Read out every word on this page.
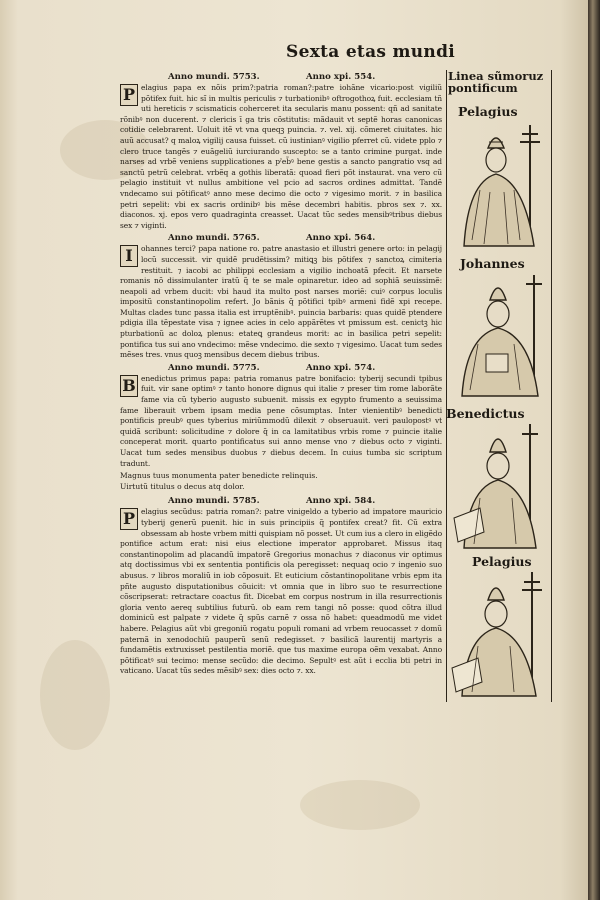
Sexta etas mundi
Anno mundi. 5753.	Anno xpi. 554.

P elagius papa ex nõis prim?:patria roman?:patre iohãne vicario:post vigiliũ põtifex fuit. hic sĩ in multis periculis ⁊ turbationibꝰ oftrogothoꝝ fuit. ecclesiam tñ uti hereticis ⁊ scismaticis coherceret ita secularis manu possent: qñ ad sanitate rõnibꝰ non ducerent. ⁊ clericis ī ga tris cõstitutis: mãdauit vt septẽ horas canonicas cotidie celebrarent. Uoluit itẽ vt vna queqꝫ puincia. ⁊. vel. xij. cõmeret ciuitates. hic auũ accusat? q maloꝝ vigilij causa fuisset. cũ iustinianꝰ vigilio pferret cũ. videte pplo ⁊ clero truce tangẽs ⁊ euãgeliũ iurciurando suscepto: se a tanto crimine purgat. inde narses ad vrbẽ veniens supplicationes a pˀeb̃ꝰ bene gestis a sancto pangratio vsq ad sanctũ petrũ celebrat. vrbẽq a gothis liberatã: quoad fieri põt instaurat. vna vero cũ pelagio instituit vt nullus ambitione vel pcio ad sacros ordines admittat. Tandẽ vndecamo sui põtificatꝰ anno mese decimo die octo ⁊ vigesimo morit. ⁊ in basilica petri sepelit: vbi ex sacris ordinibꝰ bis mẽse decembri habitis. pbros sex ⁊. xx. diaconos. xj. epos vero quadraginta creasset. Uacat tũc sedes mensibꝰtribus diebus sex ⁊ viginti.

Anno mundi. 5765.	Anno xpi. 564.

I	ohannes terci? papa natione ro. patre anastasio et illustri genere orto: in pelagij locũ successit. vir quidẽ prudẽtissim? mitiꝗꝫ bis põtifex ⁊ sanctoꝝ cimiteria restituit. ⁊ iacobi ac philippi ecclesiam a vigilio inchoatã pfecit. Et narsete romanis nõ dissimulanter iratũ q̃ te se male opinaretur. ideo ad sophiã seuissimẽ: neapoli ad vrbem ducit: vbi haud ita multo post narses moriẽ: cuiꝰ corpus loculis impositũ constantinopolim refert. Jo bãnis q̃ põtifici tpibꝰ armeni fidẽ xpi recepe. Multas clades tunc passa italia est irruptẽnibꝰ. puincia barbaris: quas quidẽ ptendere pdigia illa tẽpestate visa ⁊ ignee acies in celo appãrẽtes vt pmissum est. cenictꝫ hic pturbationũ ac doloꝝ plenus: etateꝗ grandeus morit: ac in basilica petri sepelit: pontifica tus sui ano vndecimo: mẽse vndecimo. die sexto ⁊ vigesimo. Uacat tum sedes mẽses tres. vnus quoꝫ mensibus decem diebus tribus.

Anno mundi. 5775.	Anno xpi. 574.

B enedictus primus papa: patria romanus patre bonifacio: tyberij secundi tpibus fuit. vir sane optimꝰ ⁊ tanto honore dignus qui italie ⁊ preser tim rome laborãte fame via cũ tyberio augusto subuenit. missis ex egypto frumento a seuissima fame liberauit vrbem ipsam media pene cõsumptas. Inter vienientibꝰ benedicti pontificis preubꝰ ques tyberius miriũmmodũ dilexit ⁊ obseruauit. veri paulopostꝰ vt quidã scribunt: solicitudine ⁊ dolore q̃ in ca lamitatibus vrbis rome ⁊ puincie italie conceperat morit. quarto pontificatus sui anno mense vno ⁊ diebus octo ⁊ viginti. Uacat tum sedes mensibus duobus ⁊ diebus decem. In cuius tumba sic scriptum tradunt.

Magnus tuus monumenta pater benedicte relinquis.
Uirtutũ titulus o decus atq dolor.
Anno mundi. 5785.	Anno xpi. 584.

P elagius secũdus: patria roman?: patre vinigeldo a tyberio ad impatore mauricio tyberij generũ puenit. hic in suis principiis q̃ pontifex creat? fit. Cũ extra obsessam ab hoste vrbem mitti quispiam nõ posset. Ut cum ius a clero in eligẽdo pontifice actum erat: nisi eius electione imperator approbaret. Missus itaq constantinopolim ad placandũ impatorẽ Gregorius monachus ⁊ diaconus vir optimus atq doctissimus vbi ex sententia pontificis ola peregisset: nequaq ocio ⁊ ingenio suo abusus. ⁊ libros moraliũ in iob cõposuit. Et euticium cõstantinopolitane vrbis epm ita pñte augusto disputationibus cõuicit: vt omnia que in libro suo te resurrectione cõscripserat: retractare coactus fit. Dicebat em corpus nostrum in illa resurrectionis gloria vento aereq subtilius futurũ. ob eam rem tangi nõ posse: quod cõtra illud dominicũ est palpate ⁊ videte q̃ spũs carnẽ ⁊ ossa nõ habet: queadmodũ me videt habere. Pelagius aũt vbi gregoniũ rogatu populi romani ad vrbem reuocasset ⁊ domũ paternã in xenodochiũ pauperũ senũ redegisset. ⁊ basilicã laurentij martyris a fundamẽtis extruxisset pestilentia moriẽ. que tus maxime europa oẽm vexabat. Anno põtificatꝰ sui tecimo: mense secũdo: die decimo. Sepultꝰ est aũt i ecclia bti petri in vaticano. Uacat tũs sedes mẽsibꝰ sex: dies octo ⁊. xx.

Linea sũmoruz
pontificum
Pelagius
Johannes
Benedictus
Pelagius
